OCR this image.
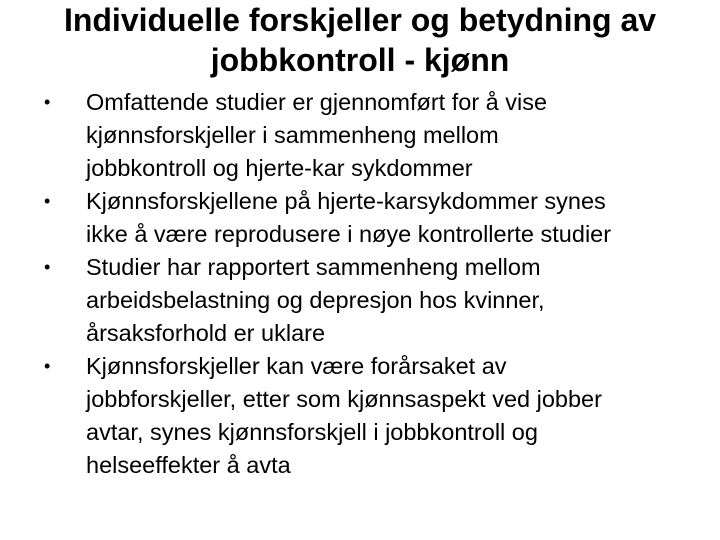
Individuelle forskjeller og betydning av
jobbkontroll - kjønn
• Omfattende studier er gjennomført for å vise
kjønnsforskjeller i sammenheng mellom
jobbkontroll og hjerte-kar sykdommer
• Kjønnsforskjellene på hjerte-karsykdommer synes
ikke å være reprodusere i nøye kontrollerte studier
• Studier har rapportert sammenheng mellom
arbeidsbelastning og depresjon hos kvinner,
årsaksforhold er uklare
• Kjønnsforskjeller kan være forårsaket av
jobbforskjeller, etter som kjønnsaspekt ved jobber
avtar, synes kjønnsforskjell i jobbkontroll og
helseeffekter å avta
